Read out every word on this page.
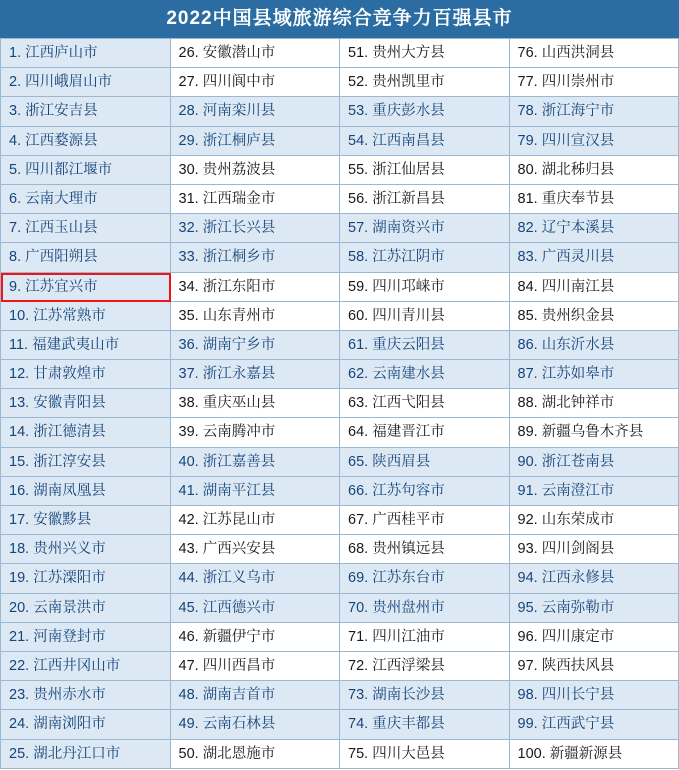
2022中国县域旅游综合竞争力百强县市
1. 江西庐山市	26. 安徽潜山市	51. 贵州大方县	76. 山西洪洞县
2. 四川峨眉山市	27. 四川阆中市	52. 贵州凯里市	77. 四川崇州市
3. 浙江安吉县	28. 河南栾川县	53. 重庆彭水县	78. 浙江海宁市
4. 江西婺源县	29. 浙江桐庐县	54. 江西南昌县	79. 四川宣汉县
5. 四川都江堰市	30. 贵州荔波县	55. 浙江仙居县	80. 湖北秭归县
6. 云南大理市	31. 江西瑞金市	56. 浙江新昌县	81. 重庆奉节县
7. 江西玉山县	32. 浙江长兴县	57. 湖南资兴市	82. 辽宁本溪县
8. 广西阳朔县	33. 浙江桐乡市	58. 江苏江阴市	83. 广西灵川县
9. 江苏宜兴市	34. 浙江东阳市	59. 四川邛崃市	84. 四川南江县
10. 江苏常熟市	35. 山东青州市	60. 四川青川县	85. 贵州织金县
11. 福建武夷山市	36. 湖南宁乡市	61. 重庆云阳县	86. 山东沂水县
12. 甘肃敦煌市	37. 浙江永嘉县	62. 云南建水县	87. 江苏如皋市
13. 安徽青阳县	38. 重庆巫山县	63. 江西弋阳县	88. 湖北钟祥市
14. 浙江德清县	39. 云南腾冲市	64. 福建晋江市	89. 新疆乌鲁木齐县
15. 浙江淳安县	40. 浙江嘉善县	65. 陕西眉县	90. 浙江苍南县
16. 湖南凤凰县	41. 湖南平江县	66. 江苏句容市	91. 云南澄江市
17. 安徽黟县	42. 江苏昆山市	67. 广西桂平市	92. 山东荣成市
18. 贵州兴义市	43. 广西兴安县	68. 贵州镇远县	93. 四川剑阁县
19. 江苏溧阳市	44. 浙江义乌市	69. 江苏东台市	94. 江西永修县
20. 云南景洪市	45. 江西德兴市	70. 贵州盘州市	95. 云南弥勒市
21. 河南登封市	46. 新疆伊宁市	71. 四川江油市	96. 四川康定市
22. 江西井冈山市	47. 四川西昌市	72. 江西浮梁县	97. 陕西扶风县
23. 贵州赤水市	48. 湖南吉首市	73. 湖南长沙县	98. 四川长宁县
24. 湖南浏阳市	49. 云南石林县	74. 重庆丰都县	99. 江西武宁县
25. 湖北丹江口市	50. 湖北恩施市	75. 四川大邑县	100. 新疆新源县
